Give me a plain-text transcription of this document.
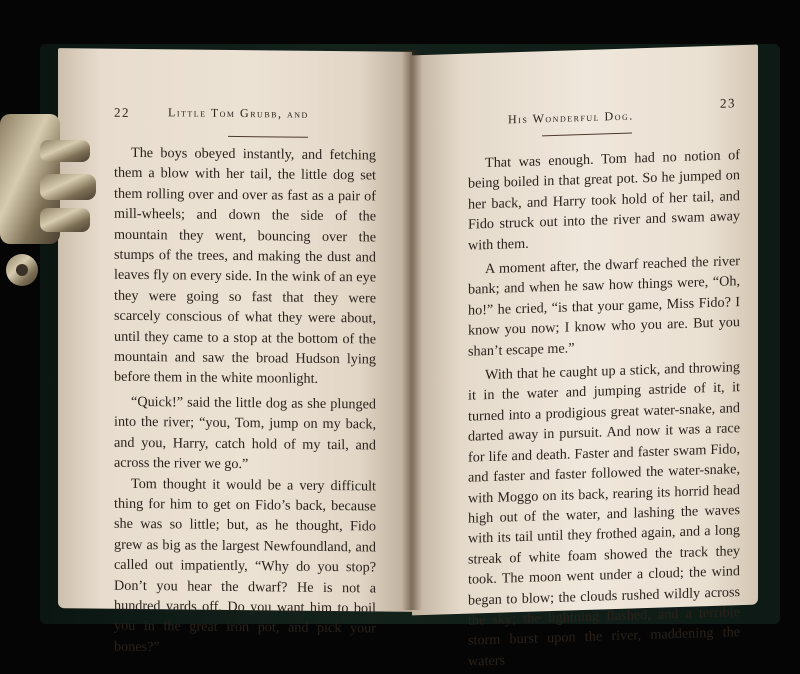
22	Little Tom Grubb, and

The boys obeyed instantly, and fetching them a blow with her tail, the little dog set them rolling over and over as fast as a pair of mill-wheels; and down the side of the mountain they went, bouncing over the stumps of the trees, and making the dust and leaves fly on every side. In the wink of an eye they were going so fast that they were scarcely conscious of what they were about, until they came to a stop at the bottom of the mountain and saw the broad Hudson lying before them in the white moonlight.

“Quick!” said the little dog as she plunged into the river; “you, Tom, jump on my back, and you, Harry, catch hold of my tail, and across the river we go.”

Tom thought it would be a very difficult thing for him to get on Fido’s back, because she was so little; but, as he thought, Fido grew as big as the largest Newfoundland, and called out impatiently, “Why do you stop? Don’t you hear the dwarf? He is not a hundred yards off. Do you want him to boil you in the great iron pot, and pick your bones?”

His Wonderful Dog.
23

That was enough. Tom had no notion of being boiled in that great pot. So he jumped on her back, and Harry took hold of her tail, and Fido struck out into the river and swam away with them.

A moment after, the dwarf reached the river bank; and when he saw how things were, “Oh, ho!” he cried, “is that your game, Miss Fido? I know you now; I know who you are. But you shan’t escape me.”

With that he caught up a stick, and throwing it in the water and jumping astride of it, it turned into a prodigious great water-snake, and darted away in pursuit. And now it was a race for life and death. Faster and faster swam Fido, and faster and faster followed the water-snake, with Moggo on its back, rearing its horrid head high out of the water, and lashing the waves with its tail until they frothed again, and a long streak of white foam showed the track they took. The moon went under a cloud; the wind began to blow; the clouds rushed wildly across the sky; the lightning flashed, and a terrible storm burst upon the river, maddening the waters
